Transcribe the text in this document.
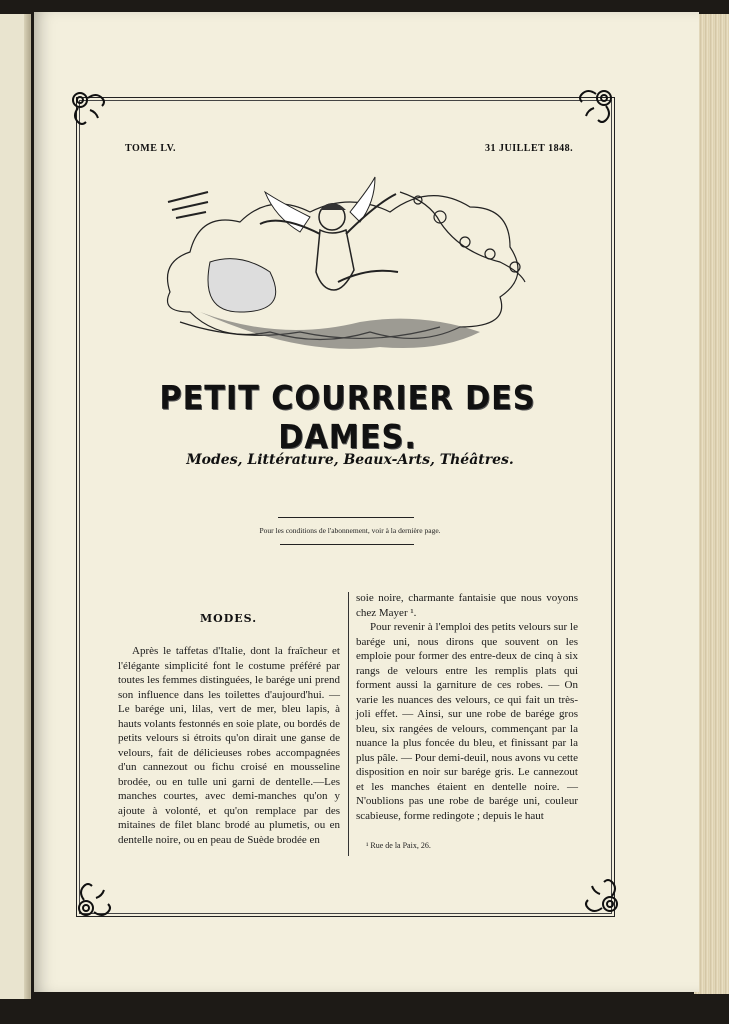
TOME LV.	31 JUILLET 1848.
PETIT COURRIER DES DAMES.
Modes, Littérature, Beaux-Arts, Théâtres.
Pour les conditions de l'abonnement, voir à la dernière page.
MODES.

Après le taffetas d'Italie, dont la fraîcheur et l'élégante simplicité font le costume préféré par toutes les femmes distinguées, le barége uni prend son influence dans les toilettes d'aujourd'hui. — Le barége uni, lilas, vert de mer, bleu lapis, à hauts volants festonnés en soie plate, ou bordés de petits velours si étroits qu'on dirait une ganse de velours, fait de délicieuses robes accompagnées d'un cannezout ou fichu croisé en mousseline brodée, ou en tulle uni garni de dentelle.—Les manches courtes, avec demi-manches qu'on y ajoute à volonté, et qu'on remplace par des mitaines de filet blanc brodé au plumetis, ou en dentelle noire, ou en peau de Suède brodée en

soie noire, charmante fantaisie que nous voyons chez Mayer ¹.

Pour revenir à l'emploi des petits velours sur le barége uni, nous dirons que souvent on les emploie pour former des entre-deux de cinq à six rangs de velours entre les remplis plats qui forment aussi la garniture de ces robes. — On varie les nuances des velours, ce qui fait un très-joli effet. — Ainsi, sur une robe de barége gros bleu, six rangées de velours, commençant par la nuance la plus foncée du bleu, et finissant par la plus pâle. — Pour demi-deuil, nous avons vu cette disposition en noir sur barége gris. Le cannezout et les manches étaient en dentelle noire. — N'oublions pas une robe de barége uni, couleur scabieuse, forme redingote ; depuis le haut

¹ Rue de la Paix, 26.
